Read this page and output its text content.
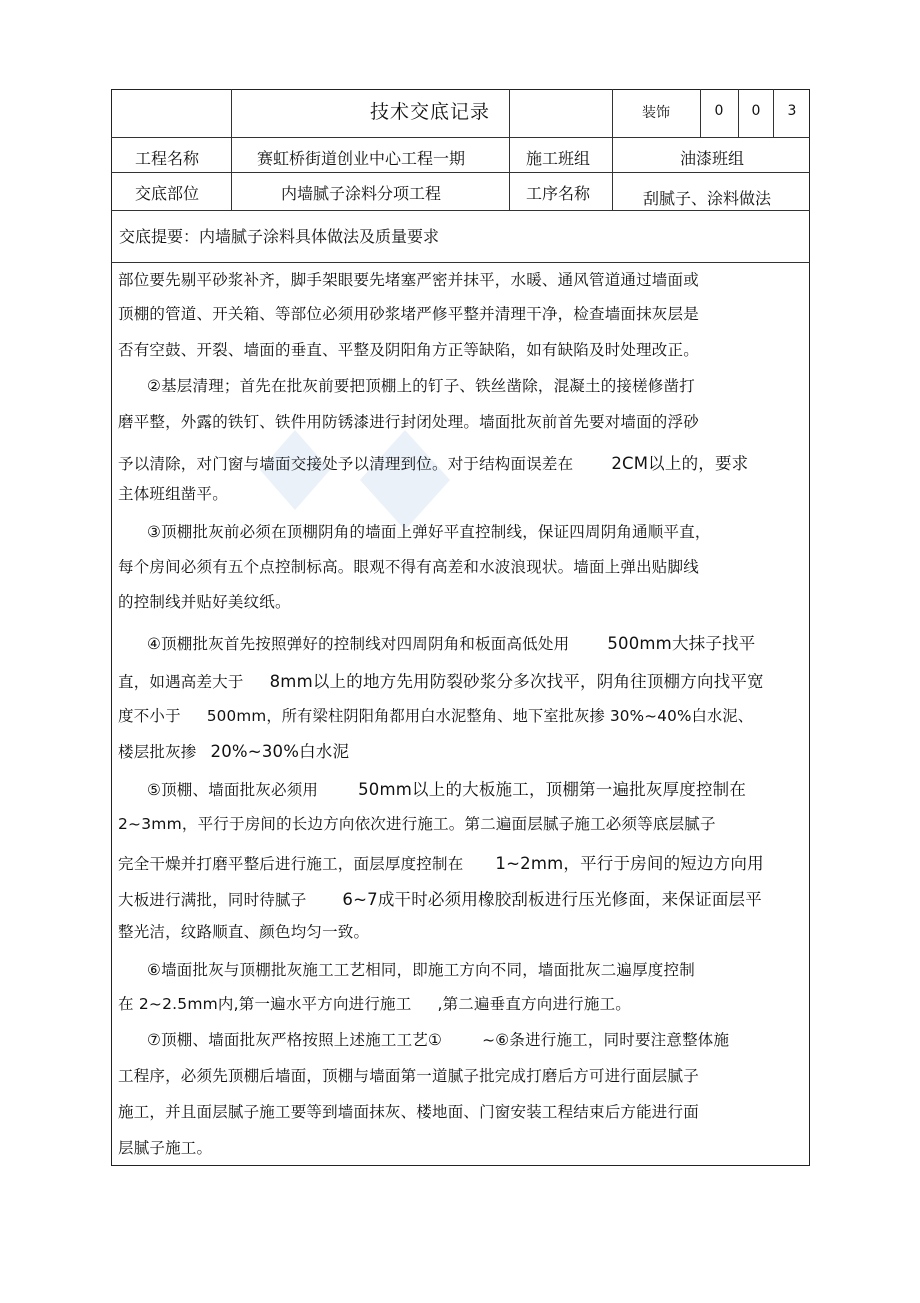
技术交底记录	装饰	0 0 3
工程名称	赛虹桥街道创业中心工程一期	施工班组	油漆班组
交底部位	内墙腻子涂料分项工程	工序名称	刮腻子、涂料做法
交底提要：内墙腻子涂料具体做法及质量要求
部位要先剔平砂浆补齐，脚手架眼要先堵塞严密并抹平，水暖、通风管道通过墙面或
顶棚的管道、开关箱、等部位必须用砂浆堵严修平整并清理干净，检查墙面抹灰层是
否有空鼓、开裂、墙面的垂直、平整及阴阳角方正等缺陷，如有缺陷及时处理改正。
②基层清理；首先在批灰前要把顶棚上的钉子、铁丝凿除，混凝土的接槎修凿打
磨平整，外露的铁钉、铁件用防锈漆进行封闭处理。墙面批灰前首先要对墙面的浮砂
予以清除，对门窗与墙面交接处予以清理到位。对于结构面误差在 2CM以上的，要求
主体班组凿平。
③顶棚批灰前必须在顶棚阴角的墙面上弹好平直控制线，保证四周阴角通顺平直，
每个房间必须有五个点控制标高。眼观不得有高差和水波浪现状。墙面上弹出贴脚线
的控制线并贴好美纹纸。
④顶棚批灰首先按照弹好的控制线对四周阴角和板面高低处用 500mm大抹子找平
直，如遇高差大于 8mm以上的地方先用防裂砂浆分多次找平，阴角往顶棚方向找平宽
度不小于 500mm，所有梁柱阴阳角都用白水泥整角、地下室批灰掺 30%~40%白水泥、
楼层批灰掺 20%~30%白水泥
⑤顶棚、墙面批灰必须用 50mm以上的大板施工，顶棚第一遍批灰厚度控制在
2~3mm，平行于房间的长边方向依次进行施工。第二遍面层腻子施工必须等底层腻子
完全干燥并打磨平整后进行施工，面层厚度控制在 1~2mm，平行于房间的短边方向用
大板进行满批，同时待腻子 6~7成干时必须用橡胶刮板进行压光修面，来保证面层平
整光洁，纹路顺直、颜色均匀一致。
⑥墙面批灰与顶棚批灰施工工艺相同，即施工方向不同，墙面批灰二遍厚度控制
在 2~2.5mm内,第一遍水平方向进行施工 ,第二遍垂直方向进行施工。
⑦顶棚、墙面批灰严格按照上述施工工艺①	~⑥条进行施工，同时要注意整体施
工程序，必须先顶棚后墙面，顶棚与墙面第一道腻子批完成打磨后方可进行面层腻子
施工，并且面层腻子施工要等到墙面抹灰、楼地面、门窗安装工程结束后方能进行面
层腻子施工。
